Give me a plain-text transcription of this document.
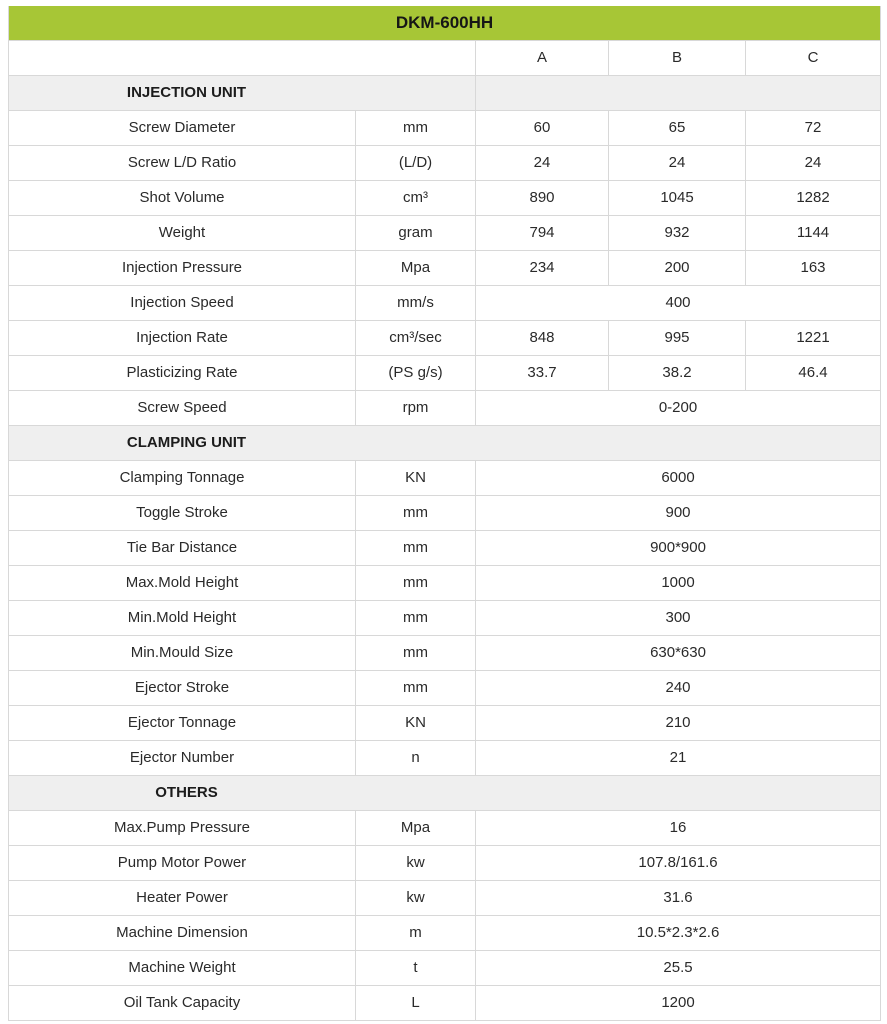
DKM-600HH				
		A	B	C

INJECTION UNIT				

Screw Diameter	mm	60	65	72
Screw L/D Ratio	(L/D)	24	24	24
Shot Volume	cm³	890	1045	1282
Weight	gram	794	932	1144
Injection Pressure	Mpa	234	200	163
Injection Speed	mm/s	400		
Injection Rate	cm³/sec	848	995	1221
Plasticizing Rate	(PS g/s)	33.7	38.2	46.4
Screw Speed	rpm	0-200		

CLAMPING UNIT				

Clamping Tonnage	KN	6000		
Toggle Stroke	mm	900		
Tie Bar Distance	mm	900*900		
Max.Mold Height	mm	1000		
Min.Mold Height	mm	300		
Min.Mould Size	mm	630*630		
Ejector Stroke	mm	240		
Ejector Tonnage	KN	210		
Ejector Number	n	21		

OTHERS				

Max.Pump Pressure	Mpa	16		
Pump Motor Power	kw	107.8/161.6		
Heater Power	kw	31.6		
Machine Dimension	m	10.5*2.3*2.6		
Machine Weight	t	25.5		
Oil Tank Capacity	L	1200		
